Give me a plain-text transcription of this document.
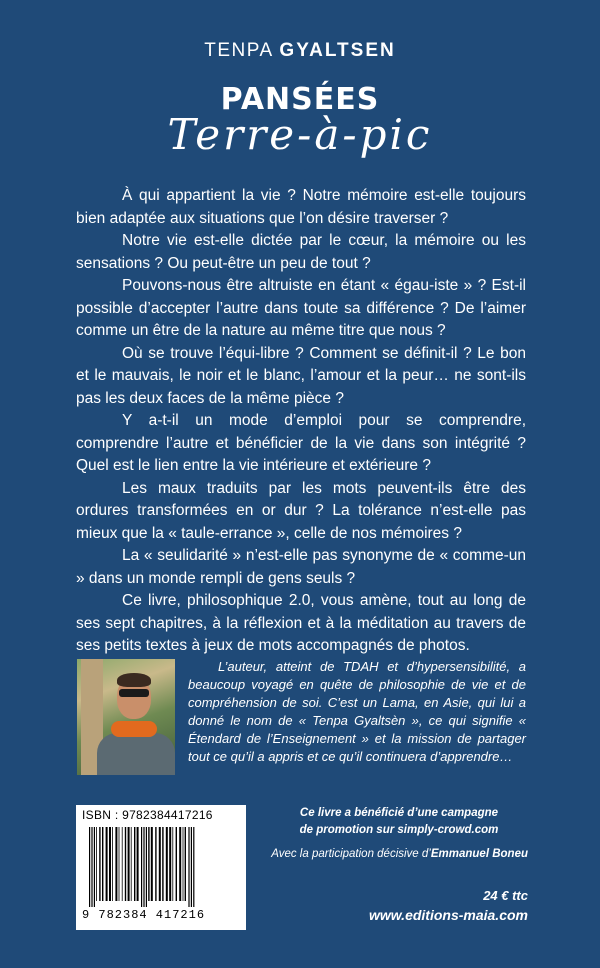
TENPA GYALTSEN
PANSÉES
Terre-à-pic

À qui appartient la vie ? Notre mémoire est-elle toujours bien adaptée aux situations que l’on désire traverser ?

Notre vie est-elle dictée par le cœur, la mémoire ou les sensations ? Ou peut-être un peu de tout ?

Pouvons-nous être altruiste en étant « égau-iste » ? Est-il possible d’accepter l’autre dans toute sa différence ? De l’aimer comme un être de la nature au même titre que nous ?

Où se trouve l’équi-libre ? Comment se définit-il ? Le bon et le mauvais, le noir et le blanc, l’amour et la peur… ne sont-ils pas les deux faces de la même pièce ?

Y a-t-il un mode d’emploi pour se comprendre, comprendre l’autre et bénéficier de la vie dans son intégrité ? Quel est le lien entre la vie intérieure et extérieure ?

Les maux traduits par les mots peuvent-ils être des ordures transformées en or dur ? La tolérance n’est-elle pas mieux que la « taule-errance », celle de nos mémoires ?

La « seulidarité » n’est-elle pas synonyme de « comme-un » dans un monde rempli de gens seuls ?

Ce livre, philosophique 2.0, vous amène, tout au long de ses sept chapitres, à la réflexion et à la méditation au travers de ses petits textes à jeux de mots accompagnés de photos.

L’auteur, atteint de TDAH et d’hypersensibilité, a beaucoup voyagé en quête de philosophie de vie et de compréhension de soi. C’est un Lama, en Asie, qui lui a donné le nom de « Tenpa Gyaltsèn », ce qui signifie « Étendard de l’Enseignement » et la mission de partager tout ce qu’il a appris et ce qu’il continuera d’apprendre…

ISBN : 9782384417216
9 782384 417216
Ce livre a bénéficié d’une campagne
de promotion sur simply-crowd.com
Avec la participation décisive d’Emmanuel Boneu
24 € ttc
www.editions-maia.com
